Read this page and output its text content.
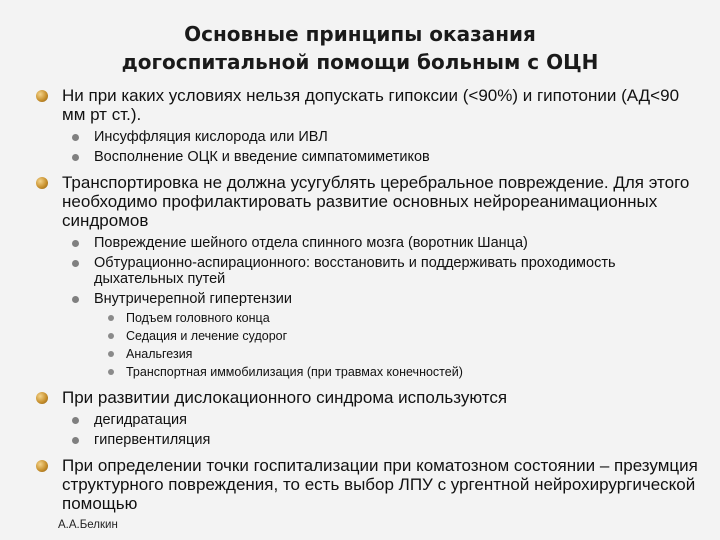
Основные принципы оказания
догоспитальной помощи больным с ОЦН
Ни при каких условиях нельзя допускать гипоксии (<90%) и гипотонии (АД<90 мм рт ст.).
Инсуффляция кислорода или ИВЛ
Восполнение ОЦК и введение симпатомиметиков
Транспортировка не должна усугублять церебральное повреждение. Для этого необходимо профилактировать развитие основных нейрореанимационных синдромов
Повреждение шейного отдела спинного мозга (воротник Шанца)
Обтурационно-аспирационного: восстановить и поддерживать проходимость дыхательных путей
Внутричерепной гипертензии
Подъем головного конца
Седация и лечение судорог
Анальгезия
Транспортная иммобилизация (при травмах конечностей)
При развитии дислокационного синдрома используются
дегидратация
гипервентиляция
При определении точки госпитализации при коматозном состоянии – презумция структурного повреждения, то есть выбор ЛПУ с ургентной нейрохирургической помощью
А.А.Белкин
